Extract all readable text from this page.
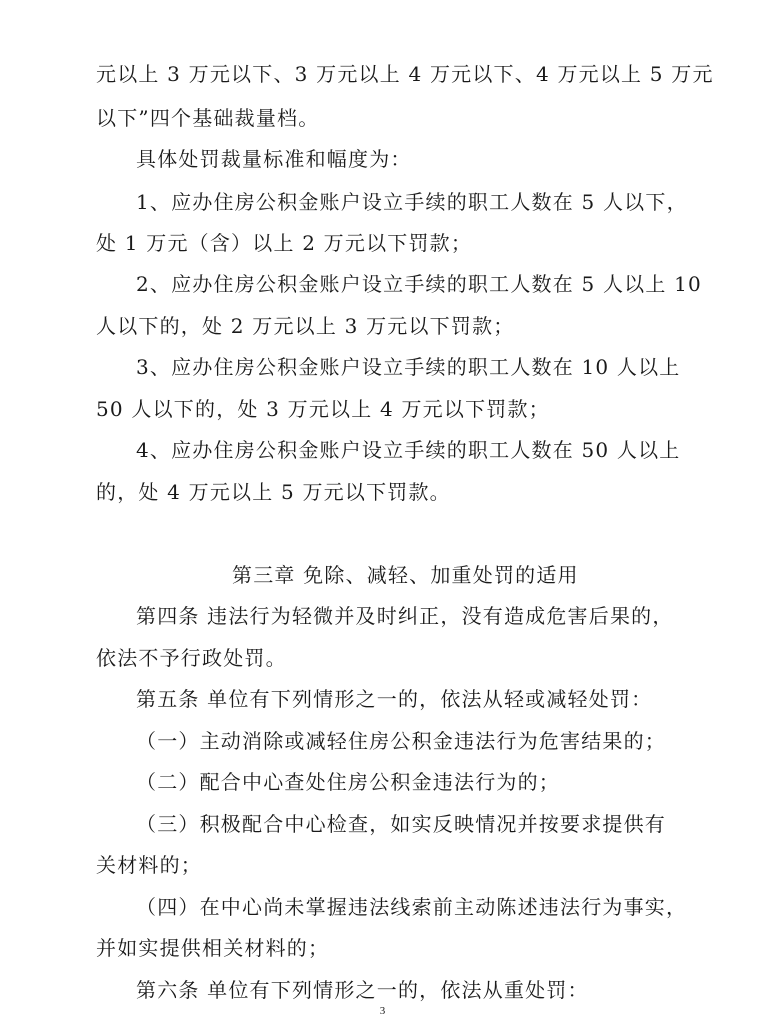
元以上 3 万元以下、3 万元以上 4 万元以下、4 万元以上 5 万元
以下”四个基础裁量档。
具体处罚裁量标准和幅度为：
1、应办住房公积金账户设立手续的职工人数在 5 人以下，
处 1 万元（含）以上 2 万元以下罚款；
2、应办住房公积金账户设立手续的职工人数在 5 人以上 10
人以下的，处 2 万元以上 3 万元以下罚款；
3、应办住房公积金账户设立手续的职工人数在 10 人以上
50 人以下的，处 3 万元以上 4 万元以下罚款；
4、应办住房公积金账户设立手续的职工人数在 50 人以上
的，处 4 万元以上 5 万元以下罚款。
第三章 免除、减轻、加重处罚的适用
第四条 违法行为轻微并及时纠正，没有造成危害后果的，
依法不予行政处罚。
第五条 单位有下列情形之一的，依法从轻或减轻处罚：
（一）主动消除或减轻住房公积金违法行为危害结果的；
（二）配合中心查处住房公积金违法行为的；
（三）积极配合中心检查，如实反映情况并按要求提供有
关材料的；
（四）在中心尚未掌握违法线索前主动陈述违法行为事实，
并如实提供相关材料的；
第六条 单位有下列情形之一的，依法从重处罚：
3
